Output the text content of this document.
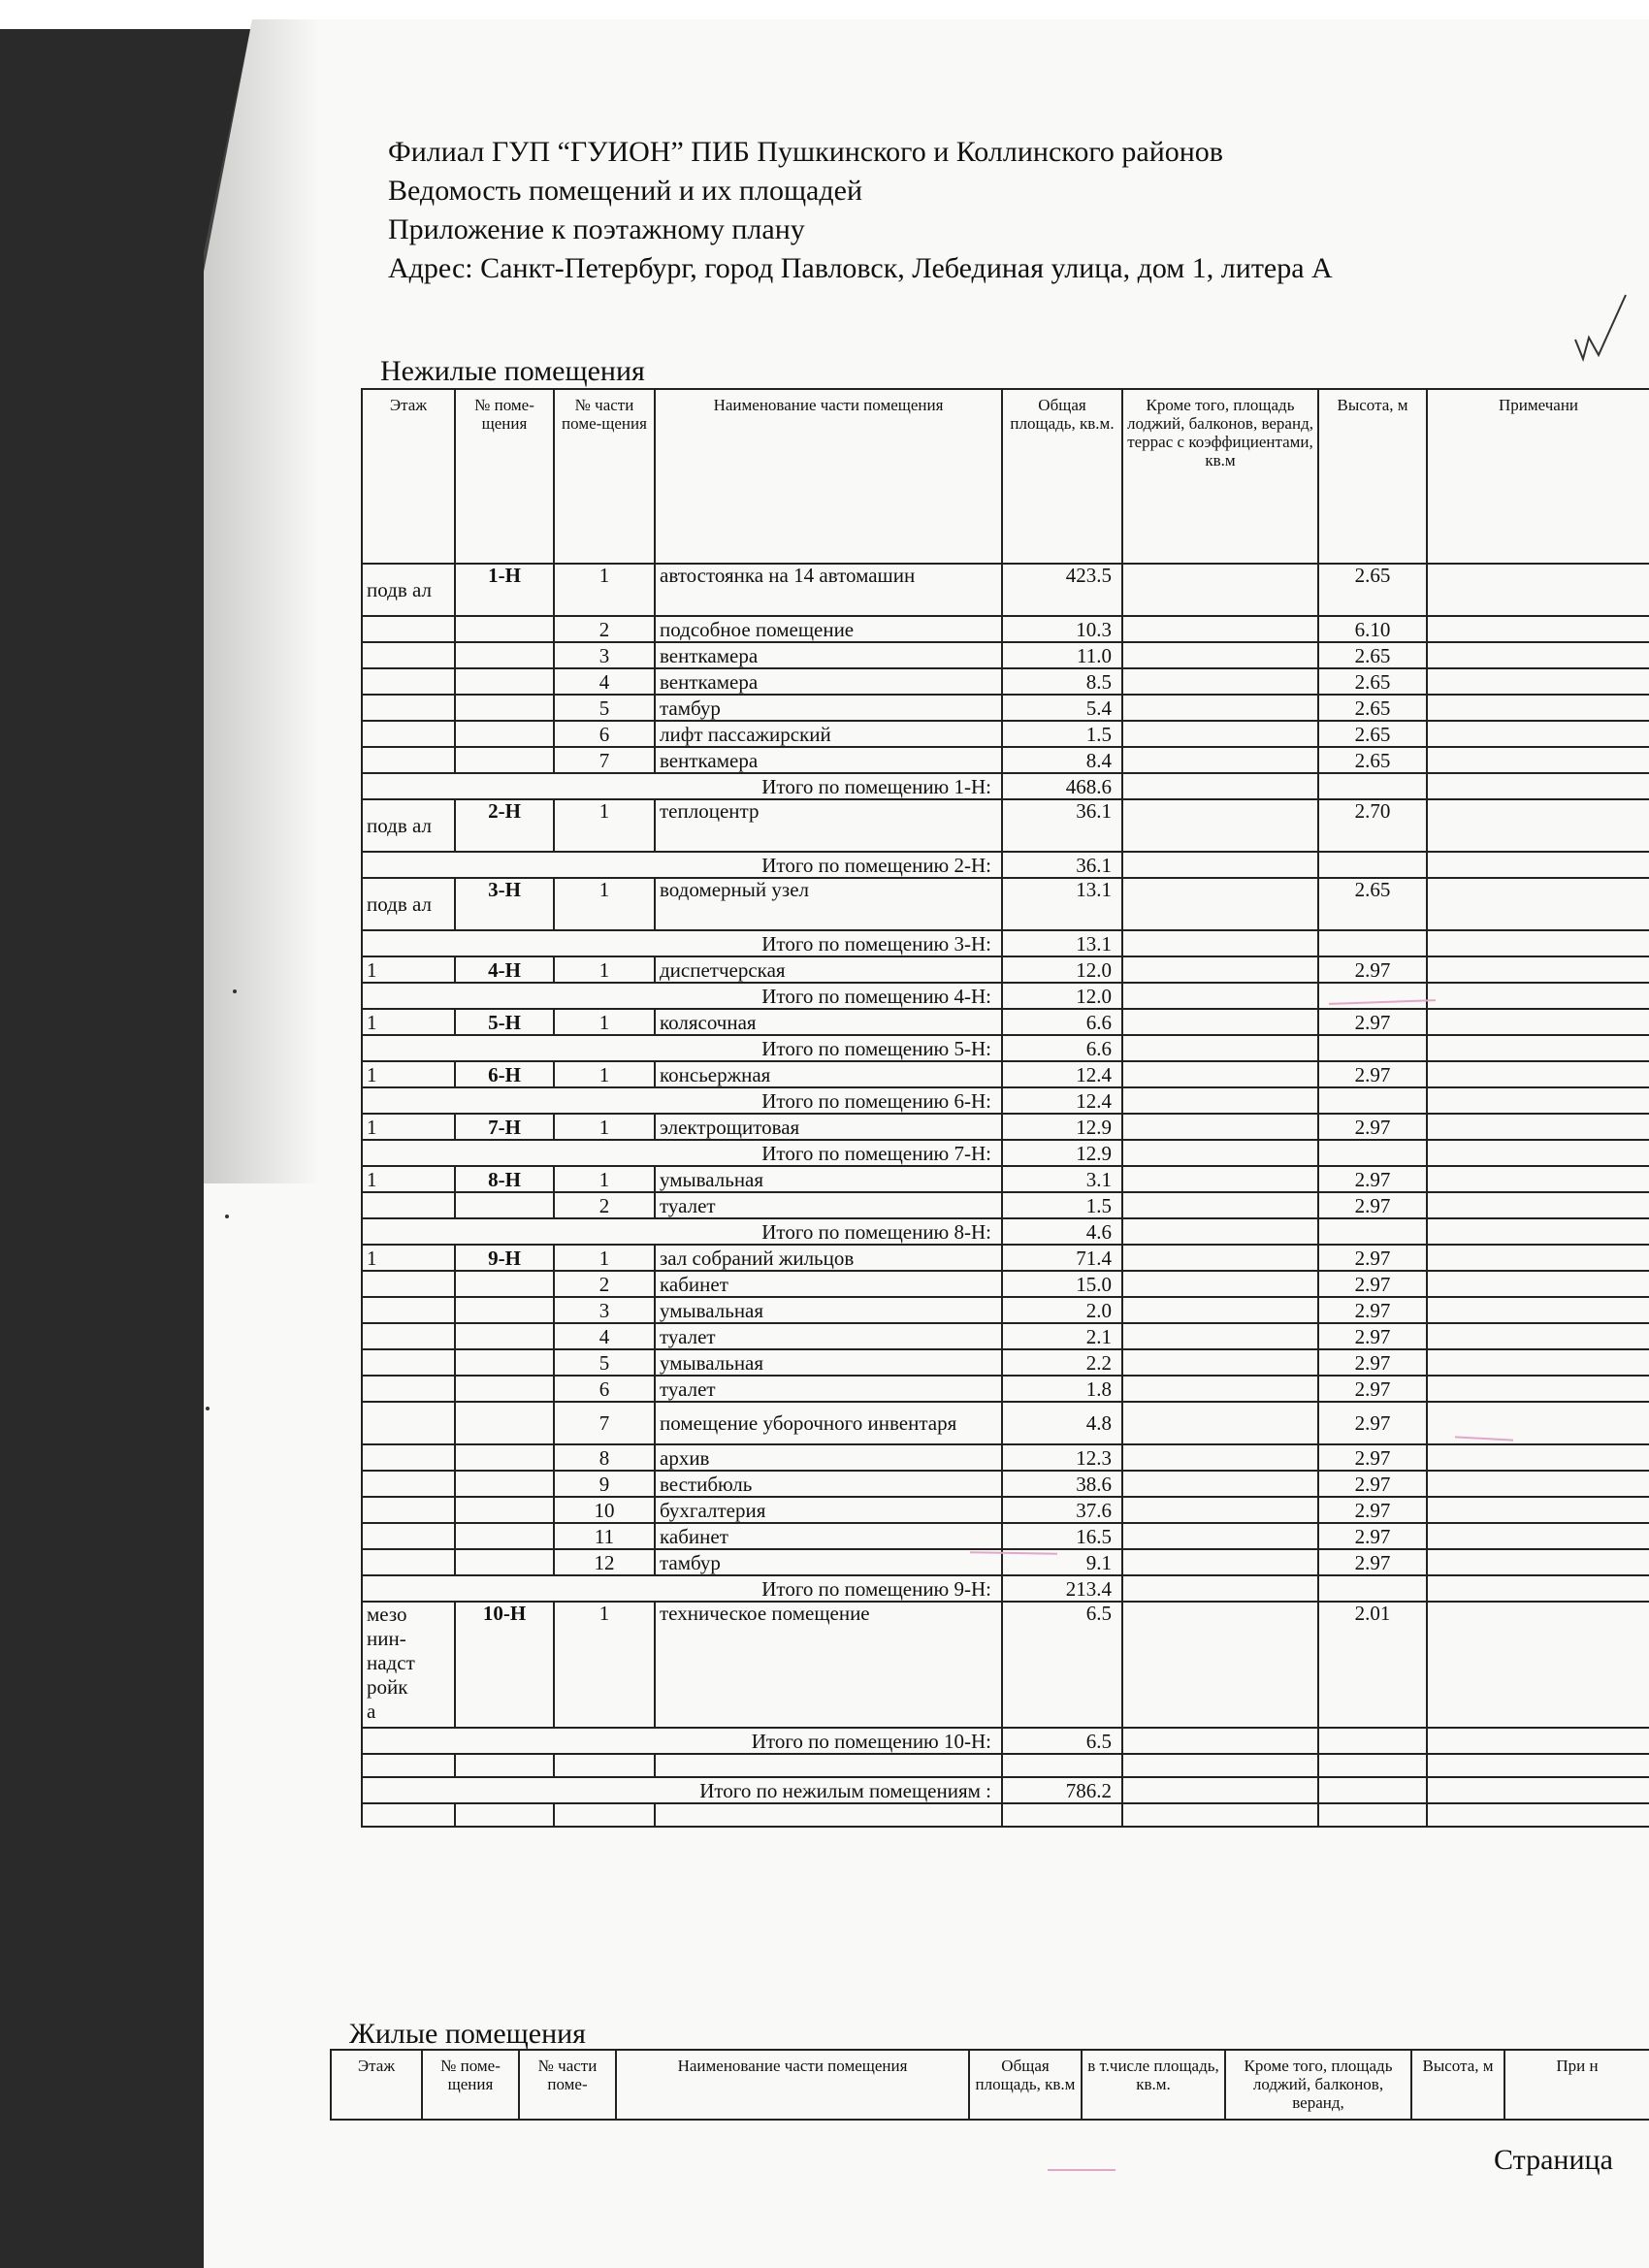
Филиал ГУП “ГУИОН” ПИБ Пушкинского и Коллинского районов
Ведомость помещений и их площадей
Приложение к поэтажному плану
Адрес: Санкт-Петербург, город Павловск, Лебединая улица, дом 1, литера А
Нежилые помещения
Этаж	№ поме-щения	№ части поме-щения	Наименование части помещения	Общая площадь, кв.м.	Кроме того, площадь лоджий, балконов, веранд, террас с коэффициентами, кв.м	Высота, м	Примечани
подв ал	1-Н	1	автостоянка на 14 автомашин	423.5		2.65	
		2	подсобное помещение	10.3		6.10	
		3	венткамера	11.0		2.65	
		4	венткамера	8.5		2.65	
		5	тамбур	5.4		2.65	
		6	лифт пассажирский	1.5		2.65	
		7	венткамера	8.4		2.65	
Итого по помещению 1-Н:				468.6			
подв ал	2-Н	1	теплоцентр	36.1		2.70	
Итого по помещению 2-Н:				36.1			
подв ал	3-Н	1	водомерный узел	13.1		2.65	
Итого по помещению 3-Н:				13.1			
1	4-Н	1	диспетчерская	12.0		2.97	
Итого по помещению 4-Н:				12.0			
1	5-Н	1	колясочная	6.6		2.97	
Итого по помещению 5-Н:				6.6			
1	6-Н	1	консьержная	12.4		2.97	
Итого по помещению 6-Н:				12.4			
1	7-Н	1	электрощитовая	12.9		2.97	
Итого по помещению 7-Н:				12.9			
1	8-Н	1	умывальная	3.1		2.97	
		2	туалет	1.5		2.97	
Итого по помещению 8-Н:				4.6			
1	9-Н	1	зал собраний жильцов	71.4		2.97	
		2	кабинет	15.0		2.97	
		3	умывальная	2.0		2.97	
		4	туалет	2.1		2.97	
		5	умывальная	2.2		2.97	
		6	туалет	1.8		2.97	
		7	помещение уборочного инвентаря	4.8		2.97	
		8	архив	12.3		2.97	
		9	вестибюль	38.6		2.97	
		10	бухгалтерия	37.6		2.97	
		11	кабинет	16.5		2.97	
		12	тамбур	9.1		2.97	
Итого по помещению 9-Н:				213.4			

мезо
нин-
надст
ройк
а	10-Н	1	техническое помещение	6.5		2.01	
Итого по помещению 10-Н:				6.5			

Итого по нежилым помещениям :				786.2			

Жилые помещения
Этаж	№ поме-щения	№ части поме-	Наименование части помещения	Общая площадь, кв.м	в т.числе площадь, кв.м.	Кроме того, площадь лоджий, балконов, веранд,	Высота, м	При н
Страница
